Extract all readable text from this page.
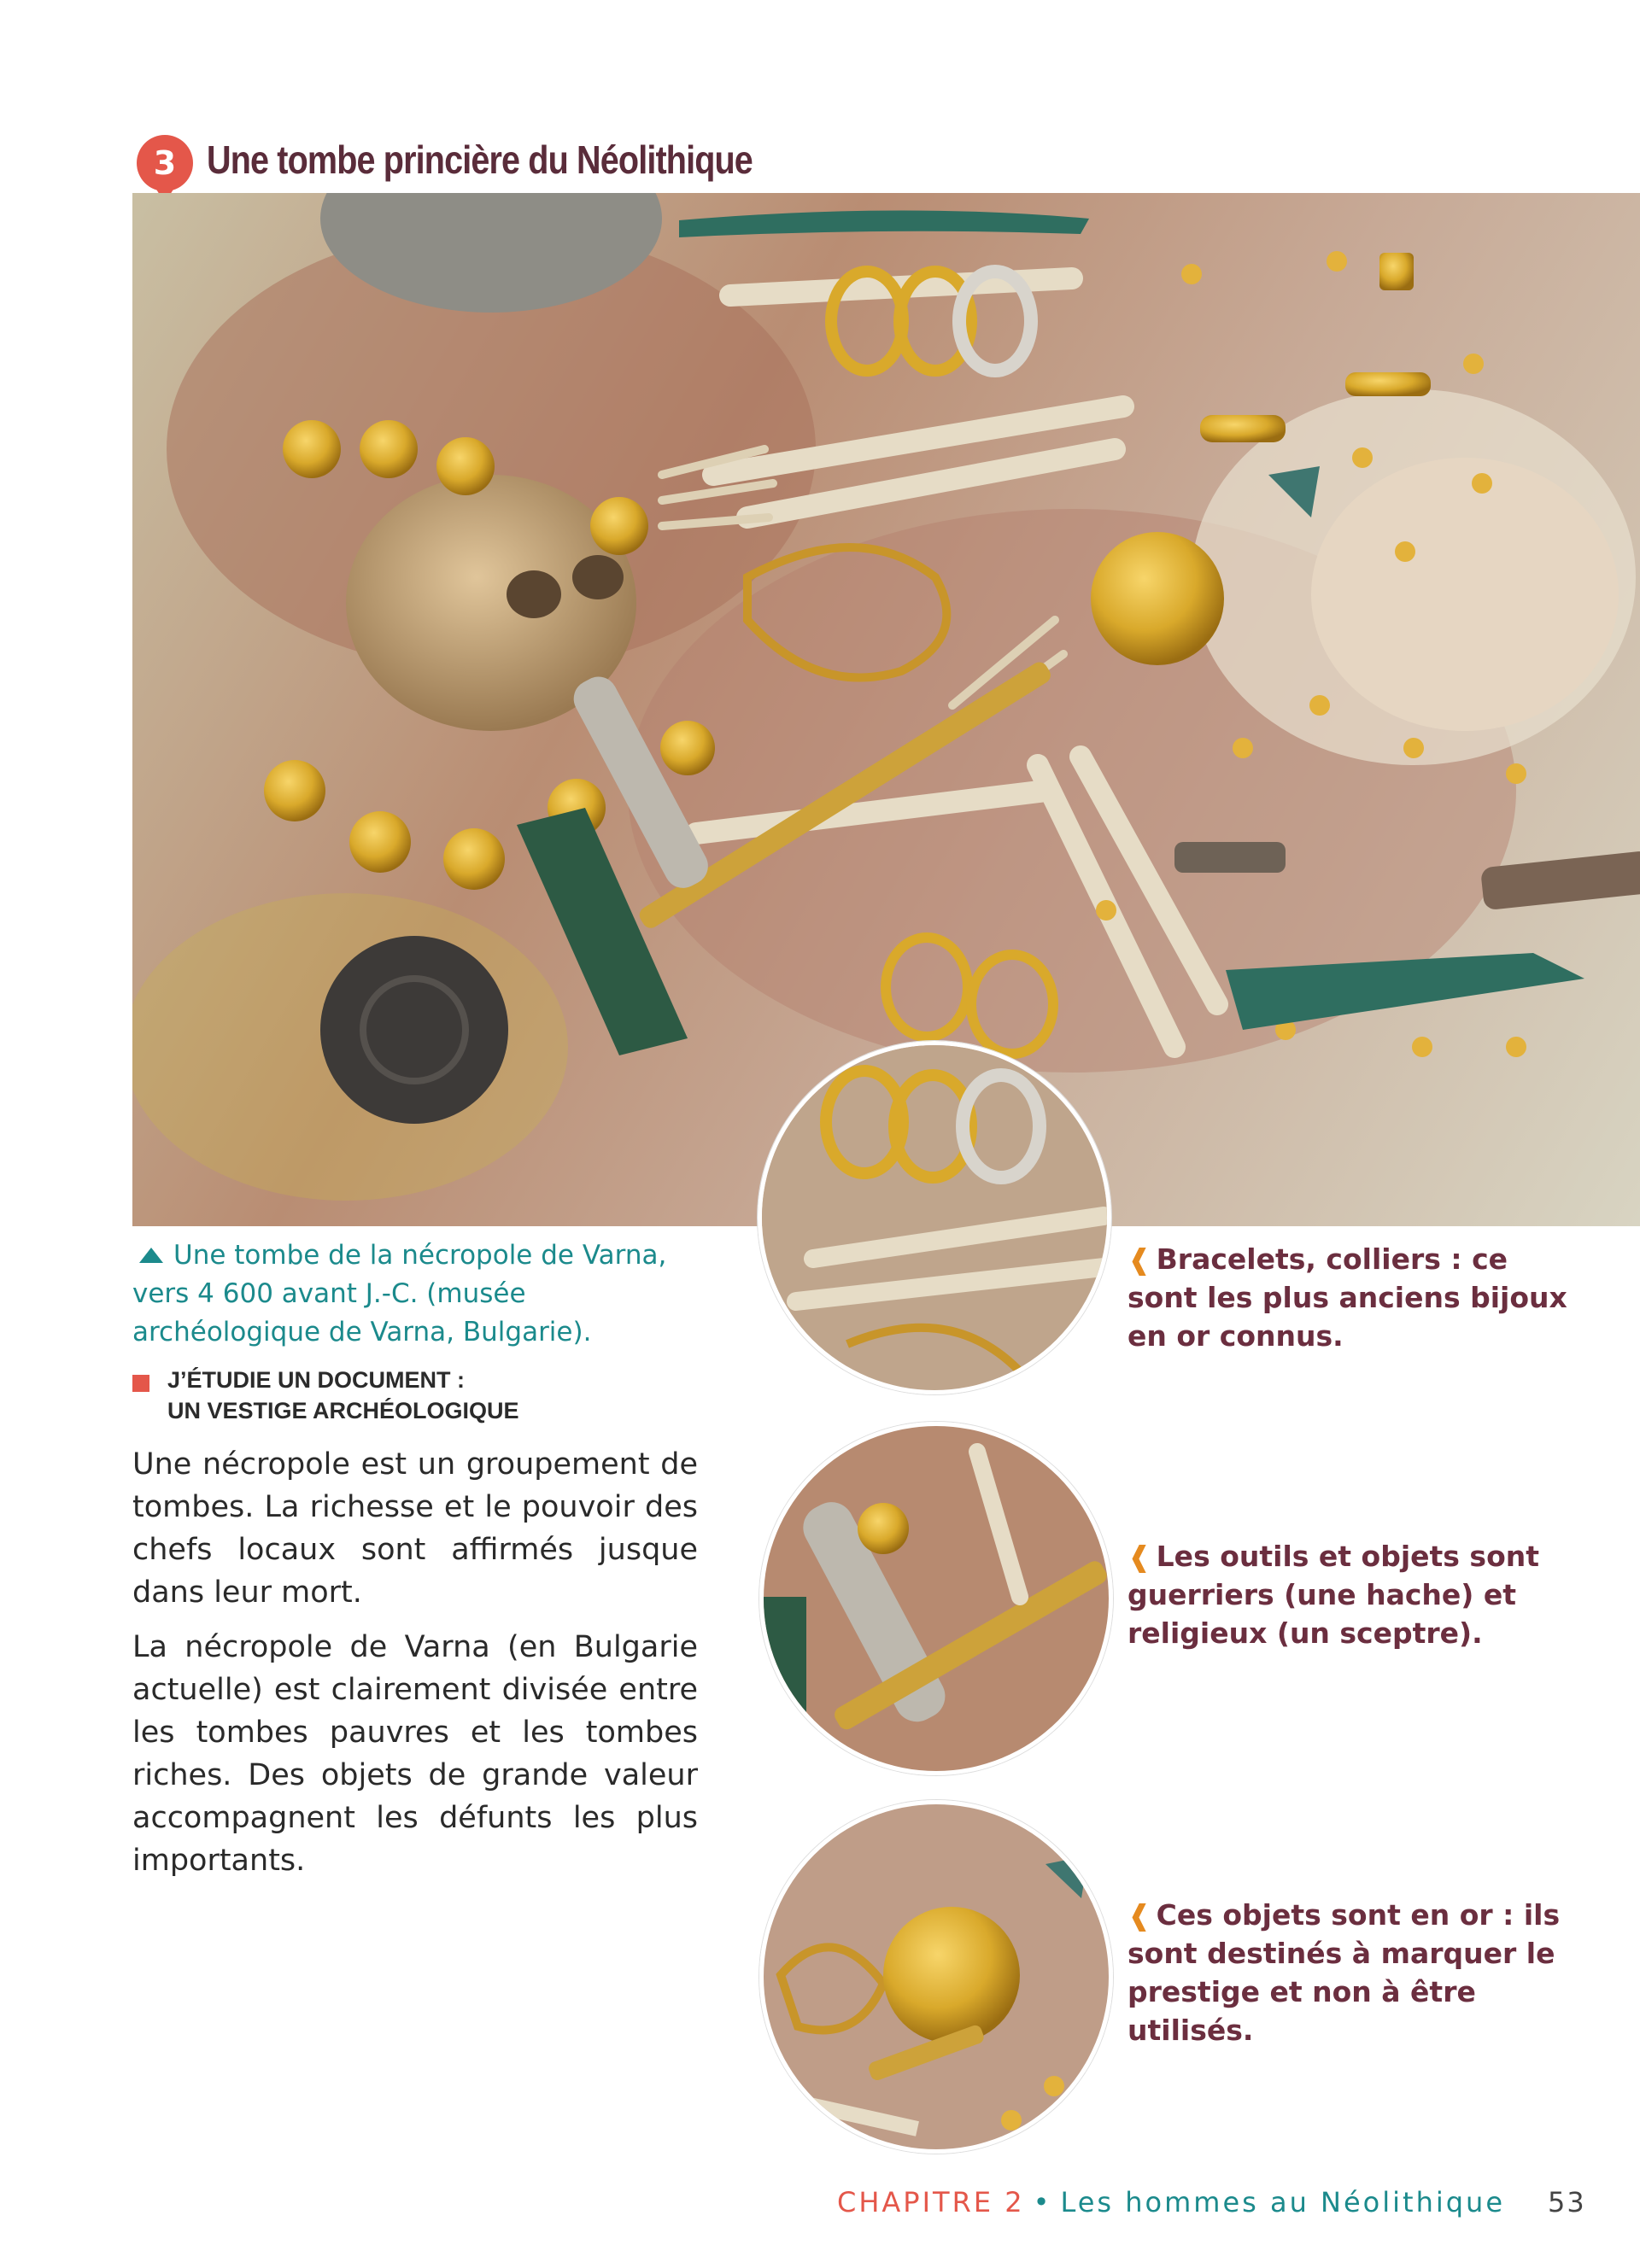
3 Une tombe princière du Néolithique
Une tombe de la nécropole de Varna, vers 4 600 avant J.-C. (musée archéologique de Varna, Bulgarie).
J’ÉTUDIE UN DOCUMENT :
UN VESTIGE ARCHÉOLOGIQUE

Une nécropole est un groupement de tombes. La richesse et le pouvoir des chefs locaux sont affirmés jusque dans leur mort.

La nécropole de Varna (en Bulgarie actuelle) est clairement divisée entre les tombes pauvres et les tombes riches. Des objets de grande valeur accompagnent les défunts les plus importants.

❰ Bracelets, colliers : ce sont les plus anciens bijoux en or connus.
❰ Les outils et objets sont guerriers (une hache) et religieux (un sceptre).
❰ Ces objets sont en or : ils sont destinés à marquer le prestige et non à être utilisés.
CHAPITRE 2 • Les hommes au Néolithique 53
